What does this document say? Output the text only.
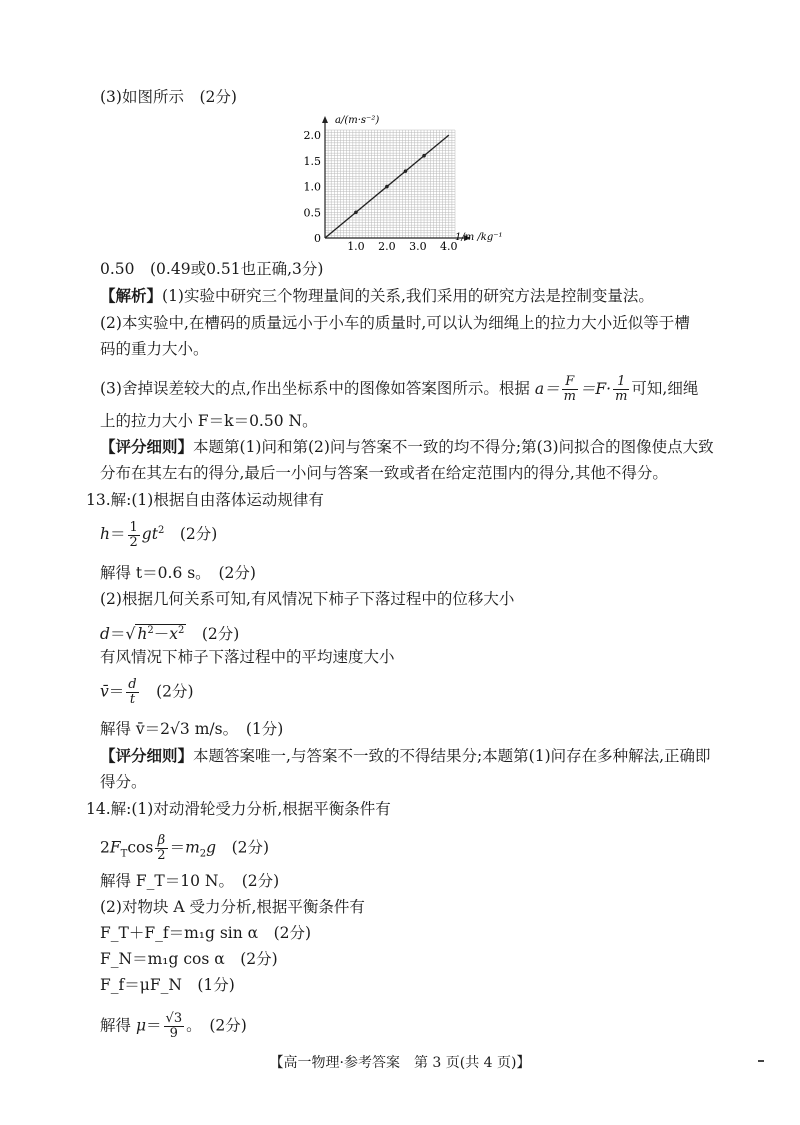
(3)如图所示　(2分)
0
0.5
1.0
1.5
2.0
1.0 2.0 3.0 4.0
a/(m·s⁻²)
1/m /kg⁻¹
0.50　(0.49或0.51也正确,3分)
【解析】(1)实验中研究三个物理量间的关系,我们采用的研究方法是控制变量法。
(2)本实验中,在槽码的质量远小于小车的质量时,可以认为细绳上的拉力大小近似等于槽
码的重力大小。
(3)舍掉误差较大的点,作出坐标系中的图像如答案图所示。根据 $a= \frac{F}{m} =F\cdot \frac{1}{m}$ 可知,细绳
上的拉力大小 F＝k＝0.50 N。
【评分细则】本题第(1)问和第(2)问与答案不一致的均不得分;第(3)问拟合的图像使点大致
分布在其左右的得分,最后一小问与答案一致或者在给定范围内的得分,其他不得分。
13.解:(1)根据自由落体运动规律有
$h= \frac{1}{2} gt^2$　 (2分)
解得 t＝0.6 s。　(2分)
(2)根据几何关系可知,有风情况下柿子下落过程中的位移大小
d＝√ $h^2-x^2$　 (2分)
有风情况下柿子下落过程中的平均速度大小
v̄＝ $\frac{d}{t}$
　 (2分)
解得 v̄＝2√3 m/s。　(1分)
【评分细则】本题答案唯一,与答案不一致的不得结果分;本题第(1)问存在多种解法,正确即
得分。
14.解:(1)对动滑轮受力分析,根据平衡条件有
$2F_T\cos \frac{\beta}{2} =m_2g$　 (2分)
解得 F_T＝10 N。　(2分)
(2)对物块 A 受力分析,根据平衡条件有
F_T＋F_f＝m₁g sin α　(2分)
F_N＝m₁g cos α　(2分)
F_f＝μF_N　(1分)
解得 $\mu= \frac{√3}{9}$ 。　(2分)
【高一物理·参考答案　第 3 页(共 4 页)】
